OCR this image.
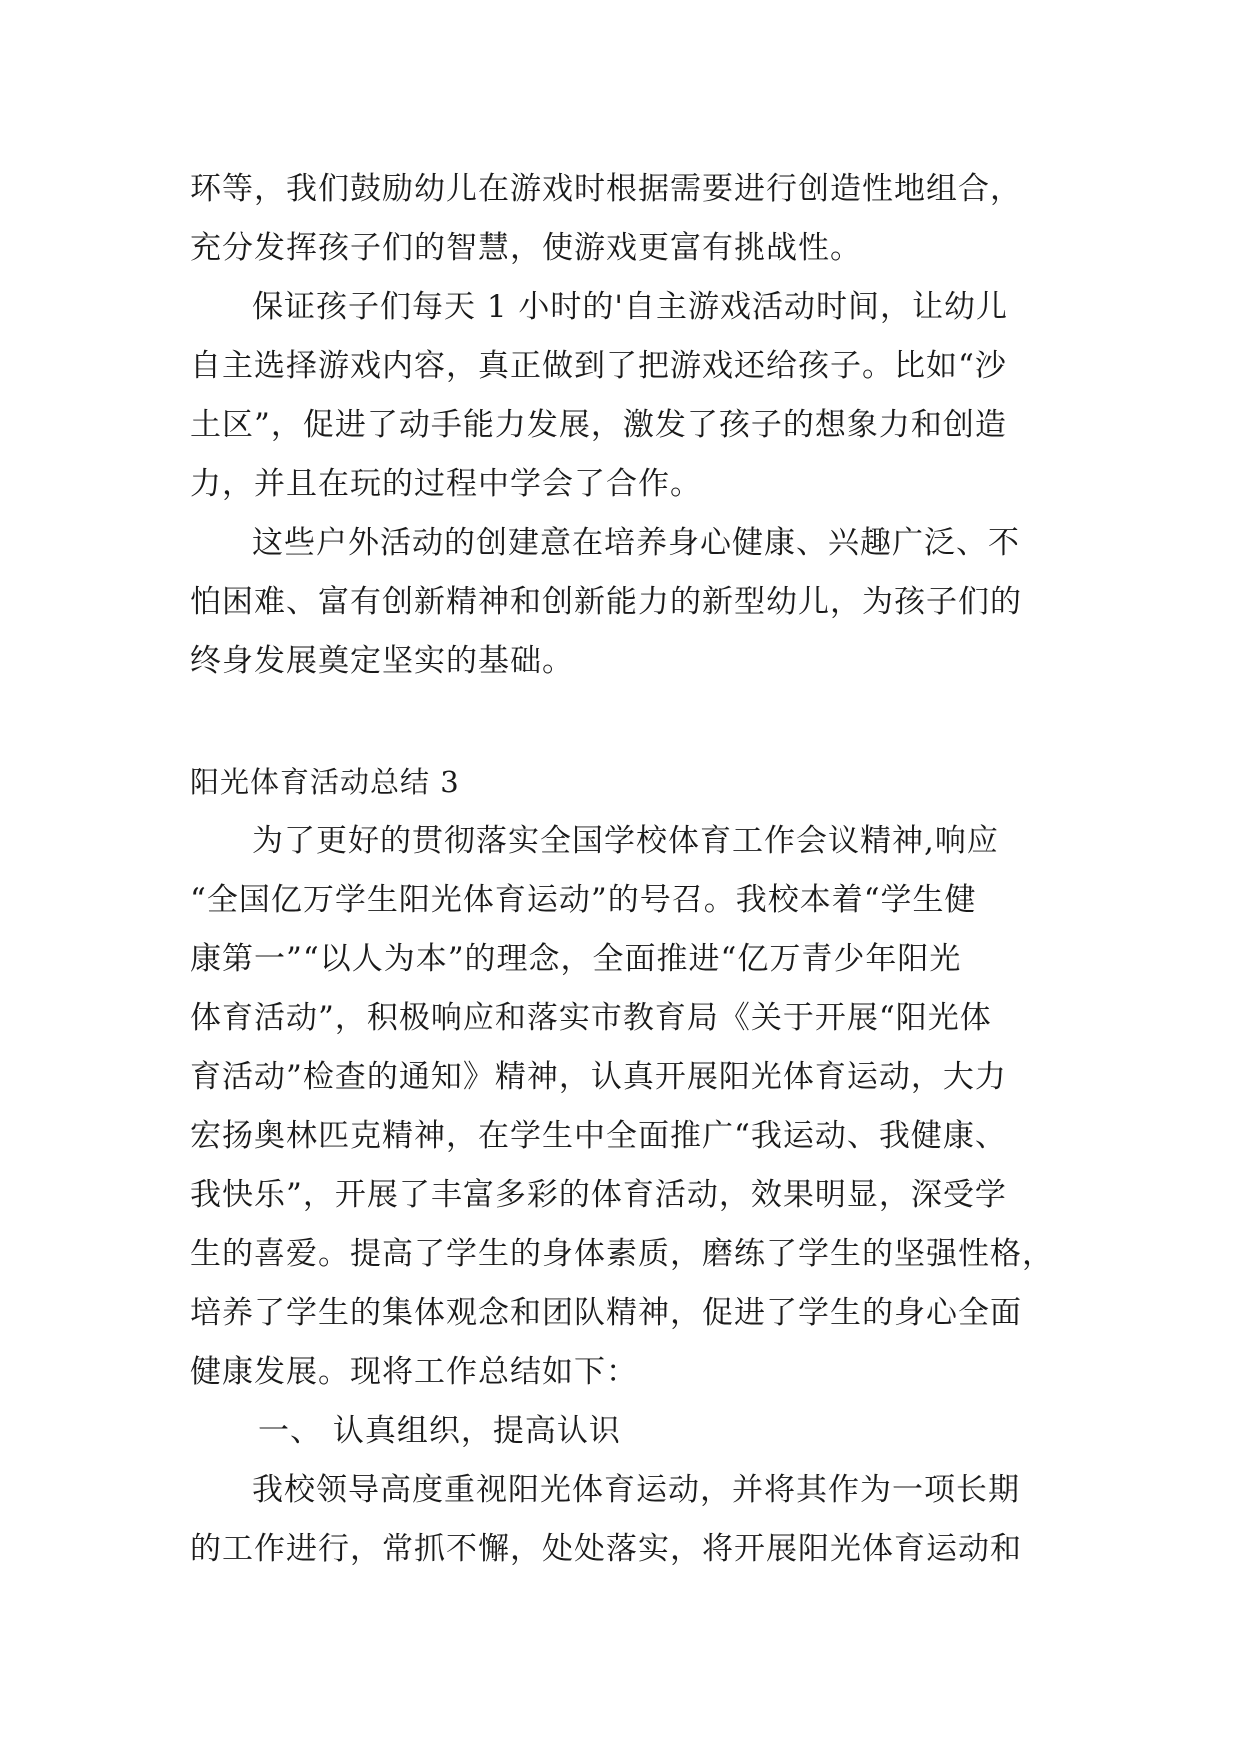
环等，我们鼓励幼儿在游戏时根据需要进行创造性地组合，
充分发挥孩子们的智慧，使游戏更富有挑战性。
保证孩子们每天 1 小时的'自主游戏活动时间，让幼儿
自主选择游戏内容，真正做到了把游戏还给孩子。比如“沙
土区”，促进了动手能力发展，激发了孩子的想象力和创造
力，并且在玩的过程中学会了合作。
这些户外活动的创建意在培养身心健康、兴趣广泛、不
怕困难、富有创新精神和创新能力的新型幼儿，为孩子们的
终身发展奠定坚实的基础。
阳光体育活动总结 3
为了更好的贯彻落实全国学校体育工作会议精神,响应
“全国亿万学生阳光体育运动”的号召。我校本着“学生健
康第一”“以人为本”的理念，全面推进“亿万青少年阳光
体育活动”，积极响应和落实市教育局《关于开展“阳光体
育活动”检查的通知》精神，认真开展阳光体育运动，大力
宏扬奥林匹克精神，在学生中全面推广“我运动、我健康、
我快乐”，开展了丰富多彩的体育活动，效果明显，深受学
生的喜爱。提高了学生的身体素质，磨练了学生的坚强性格，
培养了学生的集体观念和团队精神，促进了学生的身心全面
健康发展。现将工作总结如下：
一、 认真组织，提高认识
我校领导高度重视阳光体育运动，并将其作为一项长期
的工作进行，常抓不懈，处处落实，将开展阳光体育运动和
